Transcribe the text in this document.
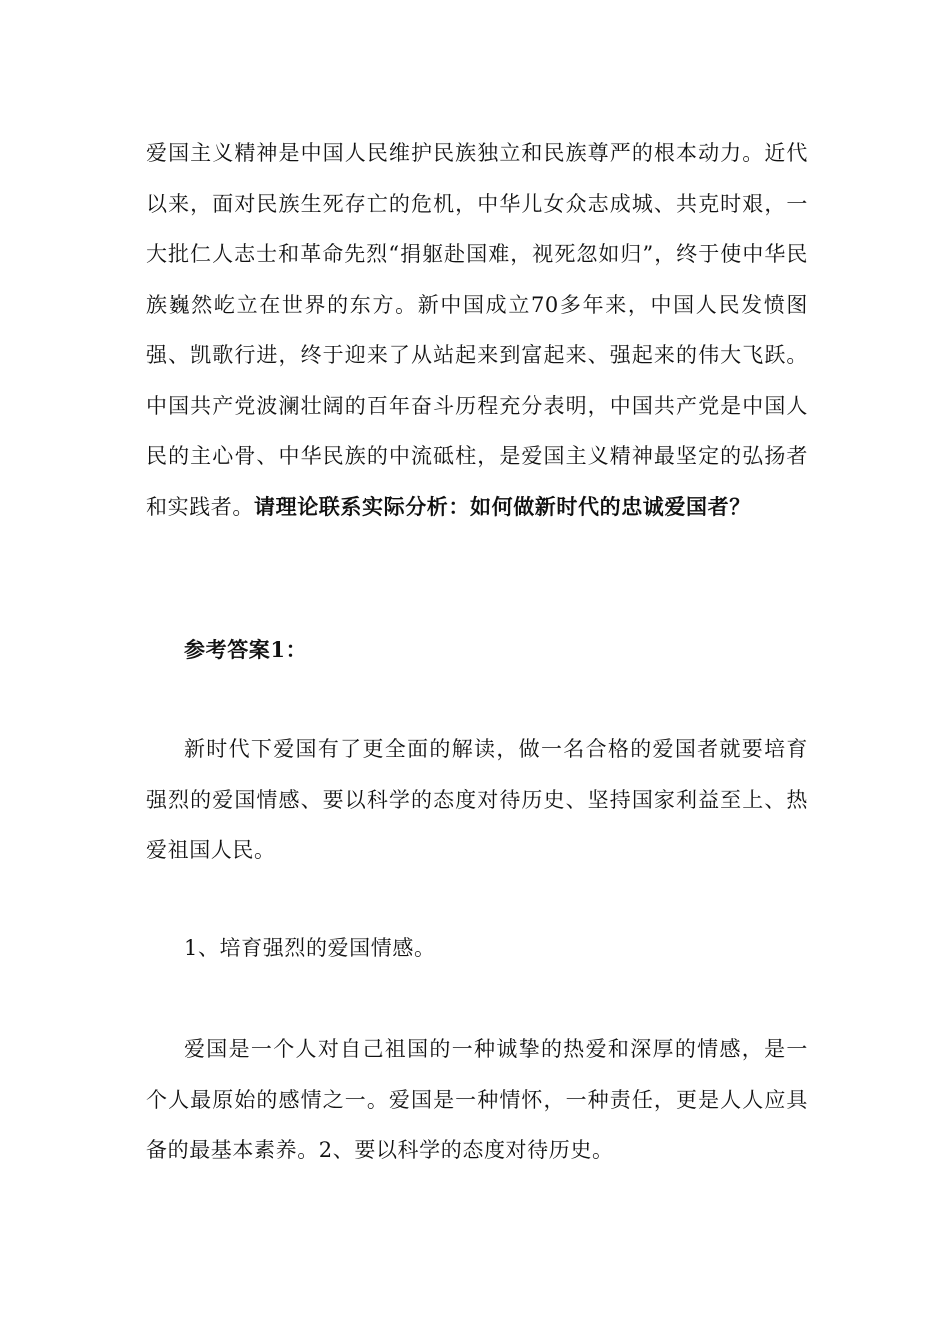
爱国主义精神是中国人民维护民族独立和民族尊严的根本动力。近代以来，面对民族生死存亡的危机，中华儿女众志成城、共克时艰，一大批仁人志士和革命先烈“捐躯赴国难，视死忽如归”，终于使中华民族巍然屹立在世界的东方。新中国成立70多年来，中国人民发愤图强、凯歌行进，终于迎来了从站起来到富起来、强起来的伟大飞跃。中国共产党波澜壮阔的百年奋斗历程充分表明，中国共产党是中国人民的主心骨、中华民族的中流砥柱，是爱国主义精神最坚定的弘扬者和实践者。请理论联系实际分析：如何做新时代的忠诚爱国者？

参考答案1：

新时代下爱国有了更全面的解读，做一名合格的爱国者就要培育强烈的爱国情感、要以科学的态度对待历史、坚持国家利益至上、热爱祖国人民。

1、培育强烈的爱国情感。

爱国是一个人对自己祖国的一种诚挚的热爱和深厚的情感，是一个人最原始的感情之一。爱国是一种情怀，一种责任，更是人人应具备的最基本素养。2、要以科学的态度对待历史。
